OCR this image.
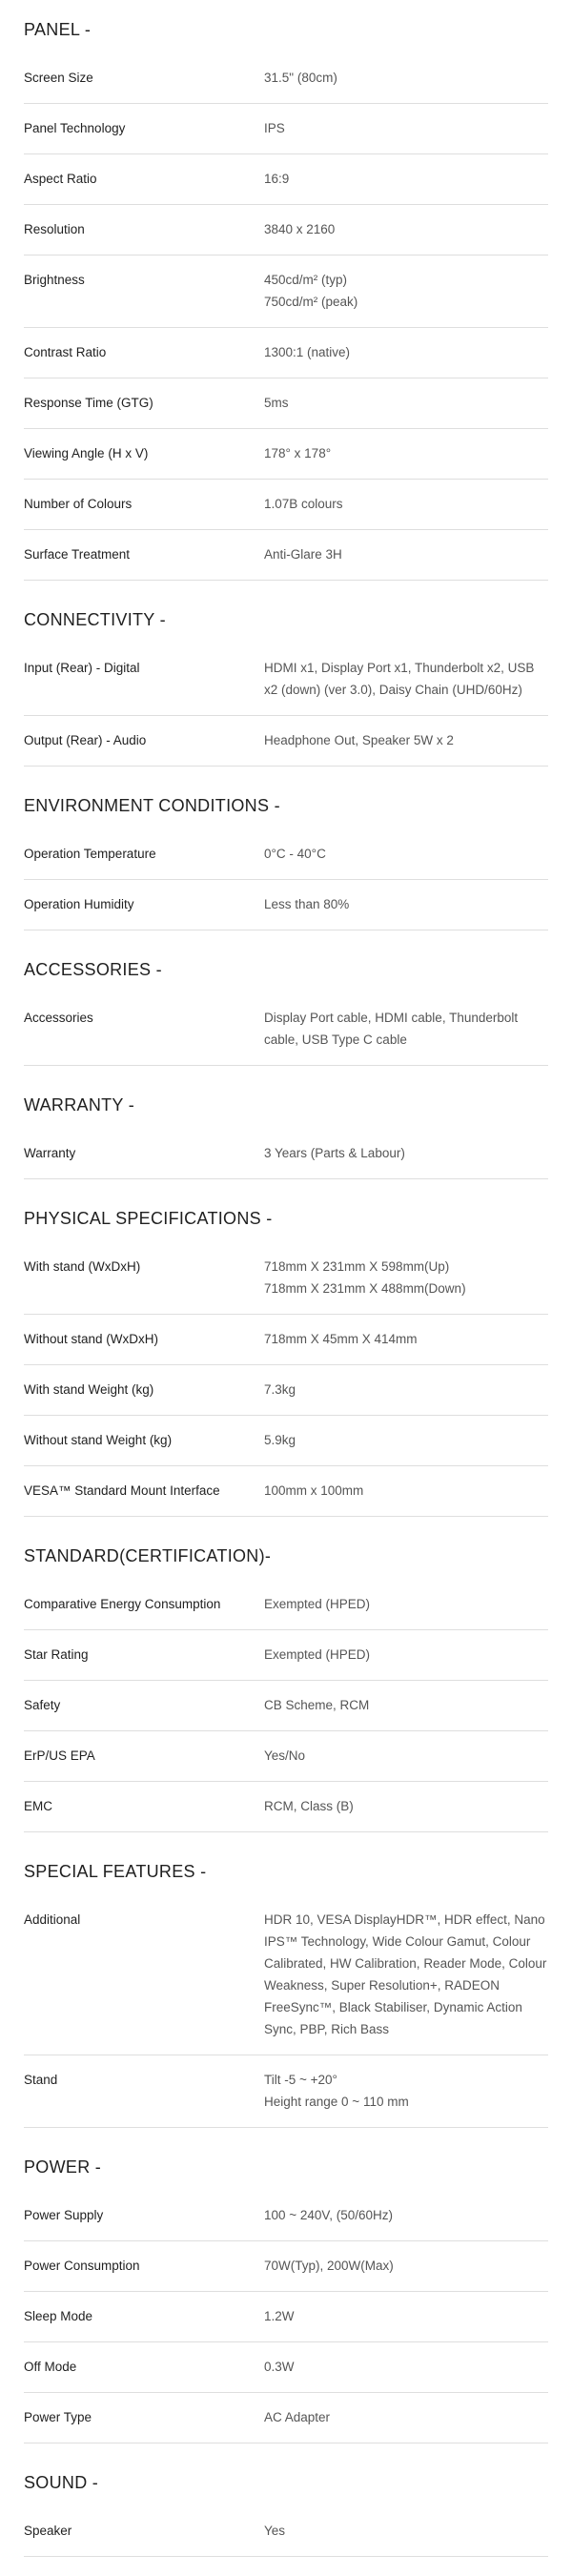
PANEL -
Screen Size	31.5" (80cm)
Panel Technology	IPS
Aspect Ratio	16:9
Resolution	3840 x 2160
Brightness	450cd/m² (typ)
750cd/m² (peak)
Contrast Ratio	1300:1 (native)
Response Time (GTG)	5ms
Viewing Angle (H x V)	178° x 178°
Number of Colours	1.07B colours
Surface Treatment	Anti-Glare 3H
CONNECTIVITY -
Input (Rear) - Digital	HDMI x1, Display Port x1, Thunderbolt x2, USB x2 (down) (ver 3.0), Daisy Chain (UHD/60Hz)
Output (Rear) - Audio	Headphone Out, Speaker 5W x 2
ENVIRONMENT CONDITIONS -
Operation Temperature	0°C - 40°C
Operation Humidity	Less than 80%
ACCESSORIES -
Accessories	Display Port cable, HDMI cable, Thunderbolt cable, USB Type C cable
WARRANTY -
Warranty	3 Years (Parts & Labour)
PHYSICAL SPECIFICATIONS -
With stand (WxDxH)	718mm X 231mm X 598mm(Up)
718mm X 231mm X 488mm(Down)
Without stand (WxDxH)	718mm X 45mm X 414mm
With stand Weight (kg)	7.3kg
Without stand Weight (kg)	5.9kg
VESA™ Standard Mount Interface	100mm x 100mm
STANDARD(CERTIFICATION)-
Comparative Energy Consumption	Exempted (HPED)
Star Rating	Exempted (HPED)
Safety	CB Scheme, RCM
ErP/US EPA	Yes/No
EMC	RCM, Class (B)
SPECIAL FEATURES -
Additional	HDR 10, VESA DisplayHDR™, HDR effect, Nano IPS™ Technology, Wide Colour Gamut, Colour Calibrated, HW Calibration, Reader Mode, Colour Weakness, Super Resolution+, RADEON FreeSync™, Black Stabiliser, Dynamic Action Sync, PBP, Rich Bass
Stand	Tilt -5 ~ +20°
Height range 0 ~ 110 mm
POWER -
Power Supply	100 ~ 240V, (50/60Hz)
Power Consumption	70W(Typ), 200W(Max)
Sleep Mode	1.2W
Off Mode	0.3W
Power Type	AC Adapter
SOUND -
Speaker	Yes
